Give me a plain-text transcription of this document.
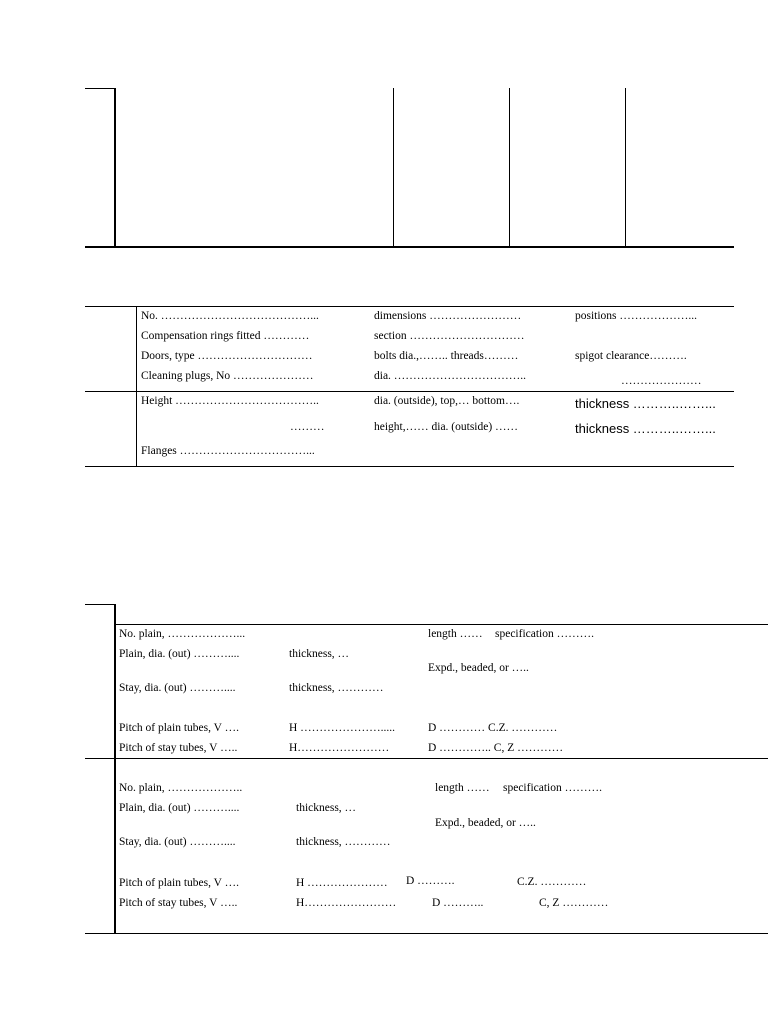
No. …………………………………...	dimensions ……………………	positions ………………...
Compensation rings fitted …………	section …………………………
Doors, type …………………………	bolts dia.,…….. threads………	spigot clearance……….
Cleaning plugs, No …………………	dia. ……………………………..	…………………
Height ………………………………..	dia. (outside), top,… bottom….	thickness ………..……...
………	height,…… dia. (outside) ……	thickness ………..……...
Flanges ……………………………...
No. plain, ………………...	length …… specification ……….
Plain, dia. (out) ………....	thickness, …
Expd., beaded, or …..
Stay, dia. (out) ………....	thickness, …………
Pitch of plain tubes, V ….	H ………………….....	D ………… C.Z. …………
Pitch of stay tubes, V …..	H……………………	D ………….. C, Z …………
No. plain, ………………..	length …… specification ……….
Plain, dia. (out) ………....	thickness, …
Expd., beaded, or …..
Stay, dia. (out) ………....	thickness, …………
Pitch of plain tubes, V ….	H ………………… D ……….	C.Z. …………
Pitch of stay tubes, V …..	H……………………	D ………..	C, Z …………
